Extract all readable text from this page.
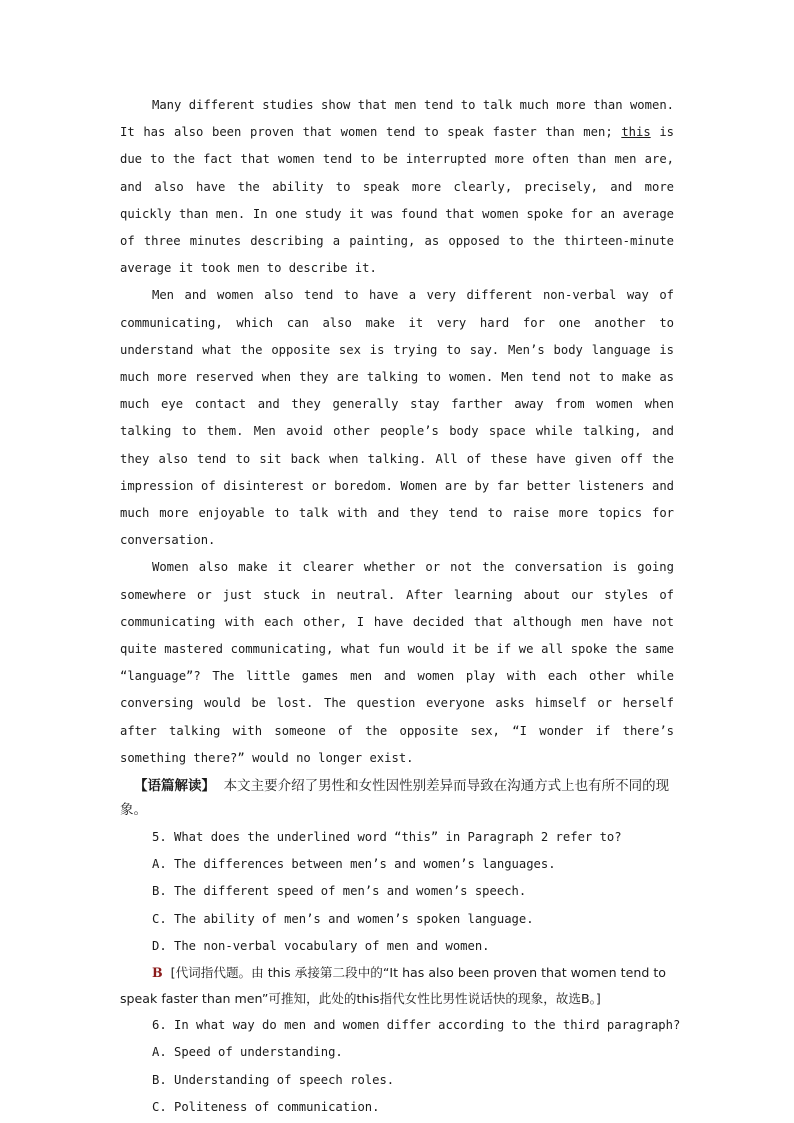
Many different studies show that men tend to talk much more than women. It has also been proven that women tend to speak faster than men; this is due to the fact that women tend to be interrupted more often than men are, and also have the ability to speak more clearly, precisely, and more quickly than men. In one study it was found that women spoke for an average of three minutes describing a painting, as opposed to the thirteen-minute average it took men to describe it.

Men and women also tend to have a very different non-verbal way of communicating, which can also make it very hard for one another to understand what the opposite sex is trying to say. Men’s body language is much more reserved when they are talking to women. Men tend not to make as much eye contact and they generally stay farther away from women when talking to them. Men avoid other people’s body space while talking, and they also tend to sit back when talking. All of these have given off the impression of disinterest or boredom. Women are by far better listeners and much more enjoyable to talk with and they tend to raise more topics for conversation.

Women also make it clearer whether or not the conversation is going somewhere or just stuck in neutral. After learning about our styles of communicating with each other, I have decided that although men have not quite mastered communicating, what fun would it be if we all spoke the same “language”? The little games men and women play with each other while conversing would be lost. The question everyone asks himself or herself after talking with someone of the opposite sex, “I wonder if there’s something there?” would no longer exist.

【语篇解读】 本文主要介绍了男性和女性因性别差异而导致在沟通方式上也有所不同的现象。

5. What does the underlined word “this” in Paragraph 2 refer to?

A. The differences between men’s and women’s languages.

B. The different speed of men’s and women’s speech.

C. The ability of men’s and women’s spoken language.

D. The non-verbal vocabulary of men and women.

B [代词指代题。由 this 承接第二段中的“It has also been proven that women tend to speak faster than men”可推知，此处的this指代女性比男性说话快的现象，故选B。]

6. In what way do men and women differ according to the third paragraph?

A. Speed of understanding.

B. Understanding of speech roles.

C. Politeness of communication.
